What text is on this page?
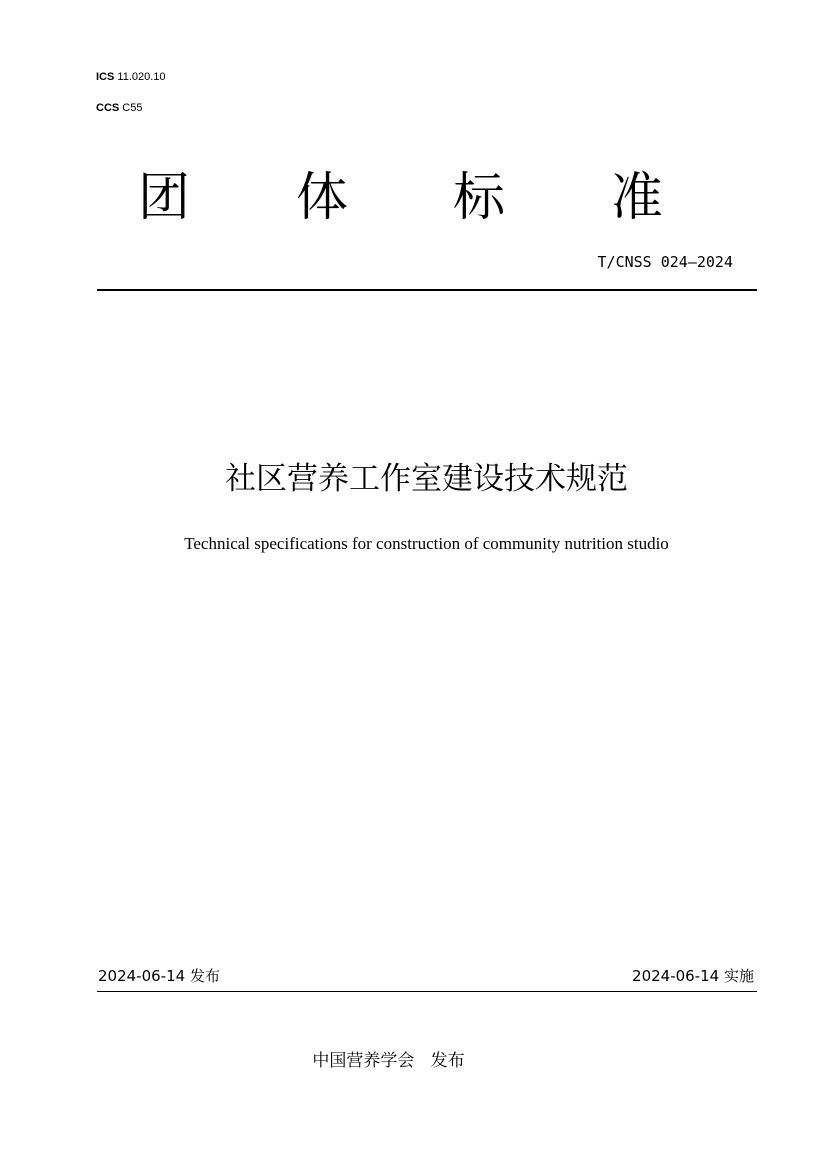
ICS 11.020.10
CCS C55
团 体 标 准
T/CNSS 024—2024
社区营养工作室建设技术规范
Technical specifications for construction of community nutrition studio
2024-06-14 发布	2024-06-14 实施
中国营养学会   发布
